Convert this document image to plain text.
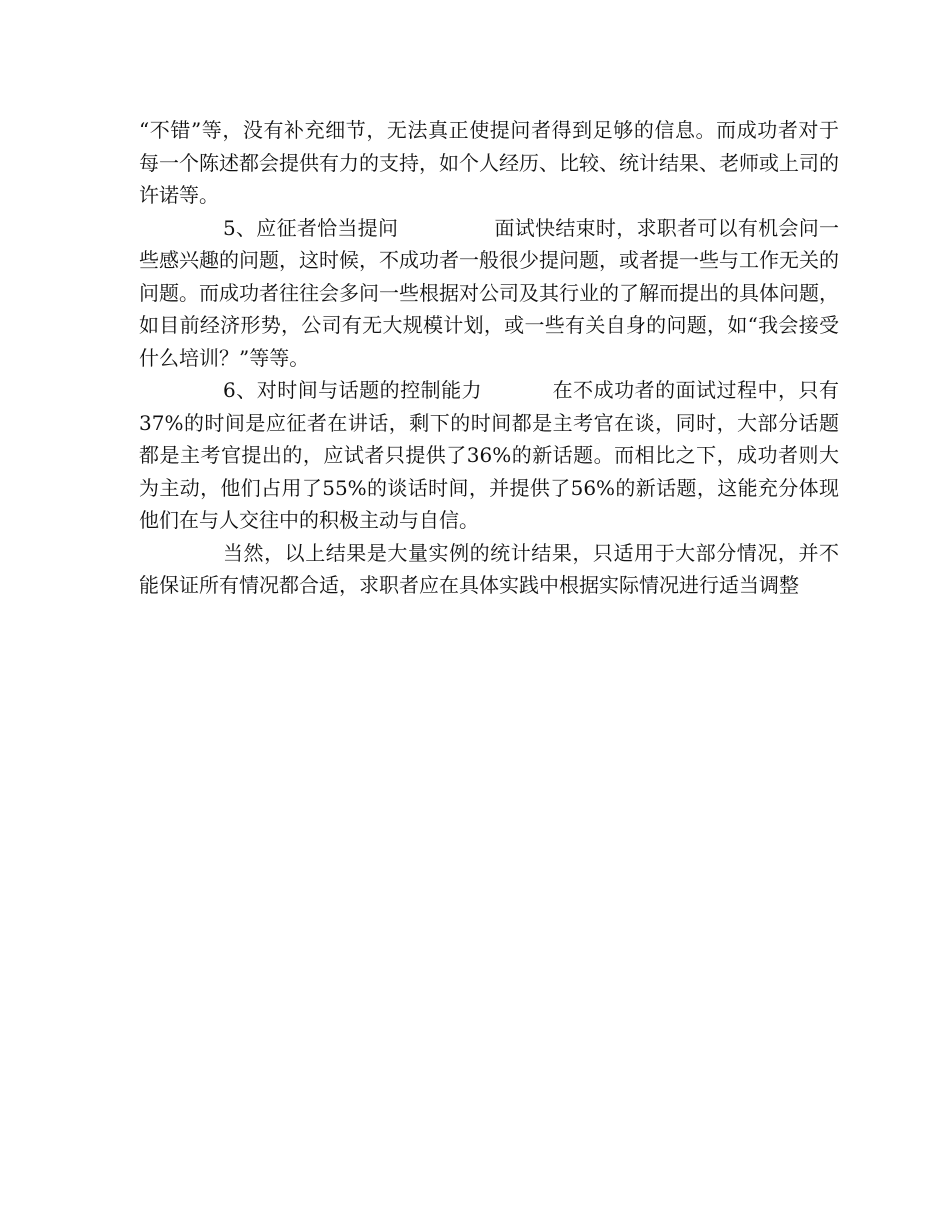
“不错”等，没有补充细节，无法真正使提问者得到足够的信息。而成功者对于每一个陈述都会提供有力的支持，如个人经历、比较、统计结果、老师或上司的许诺等。

5、应征者恰当提问	面试快结束时，求职者可以有机会问一些感兴趣的问题，这时候，不成功者一般很少提问题，或者提一些与工作无关的问题。而成功者往往会多问一些根据对公司及其行业的了解而提出的具体问题，如目前经济形势，公司有无大规模计划，或一些有关自身的问题，如“我会接受什么培训？”等等。

6、对时间与话题的控制能力	在不成功者的面试过程中，只有37%的时间是应征者在讲话，剩下的时间都是主考官在谈，同时，大部分话题都是主考官提出的，应试者只提供了36%的新话题。而相比之下，成功者则大为主动，他们占用了55%的谈话时间，并提供了56%的新话题，这能充分体现他们在与人交往中的积极主动与自信。

当然，以上结果是大量实例的统计结果，只适用于大部分情况，并不能保证所有情况都合适，求职者应在具体实践中根据实际情况进行适当调整
